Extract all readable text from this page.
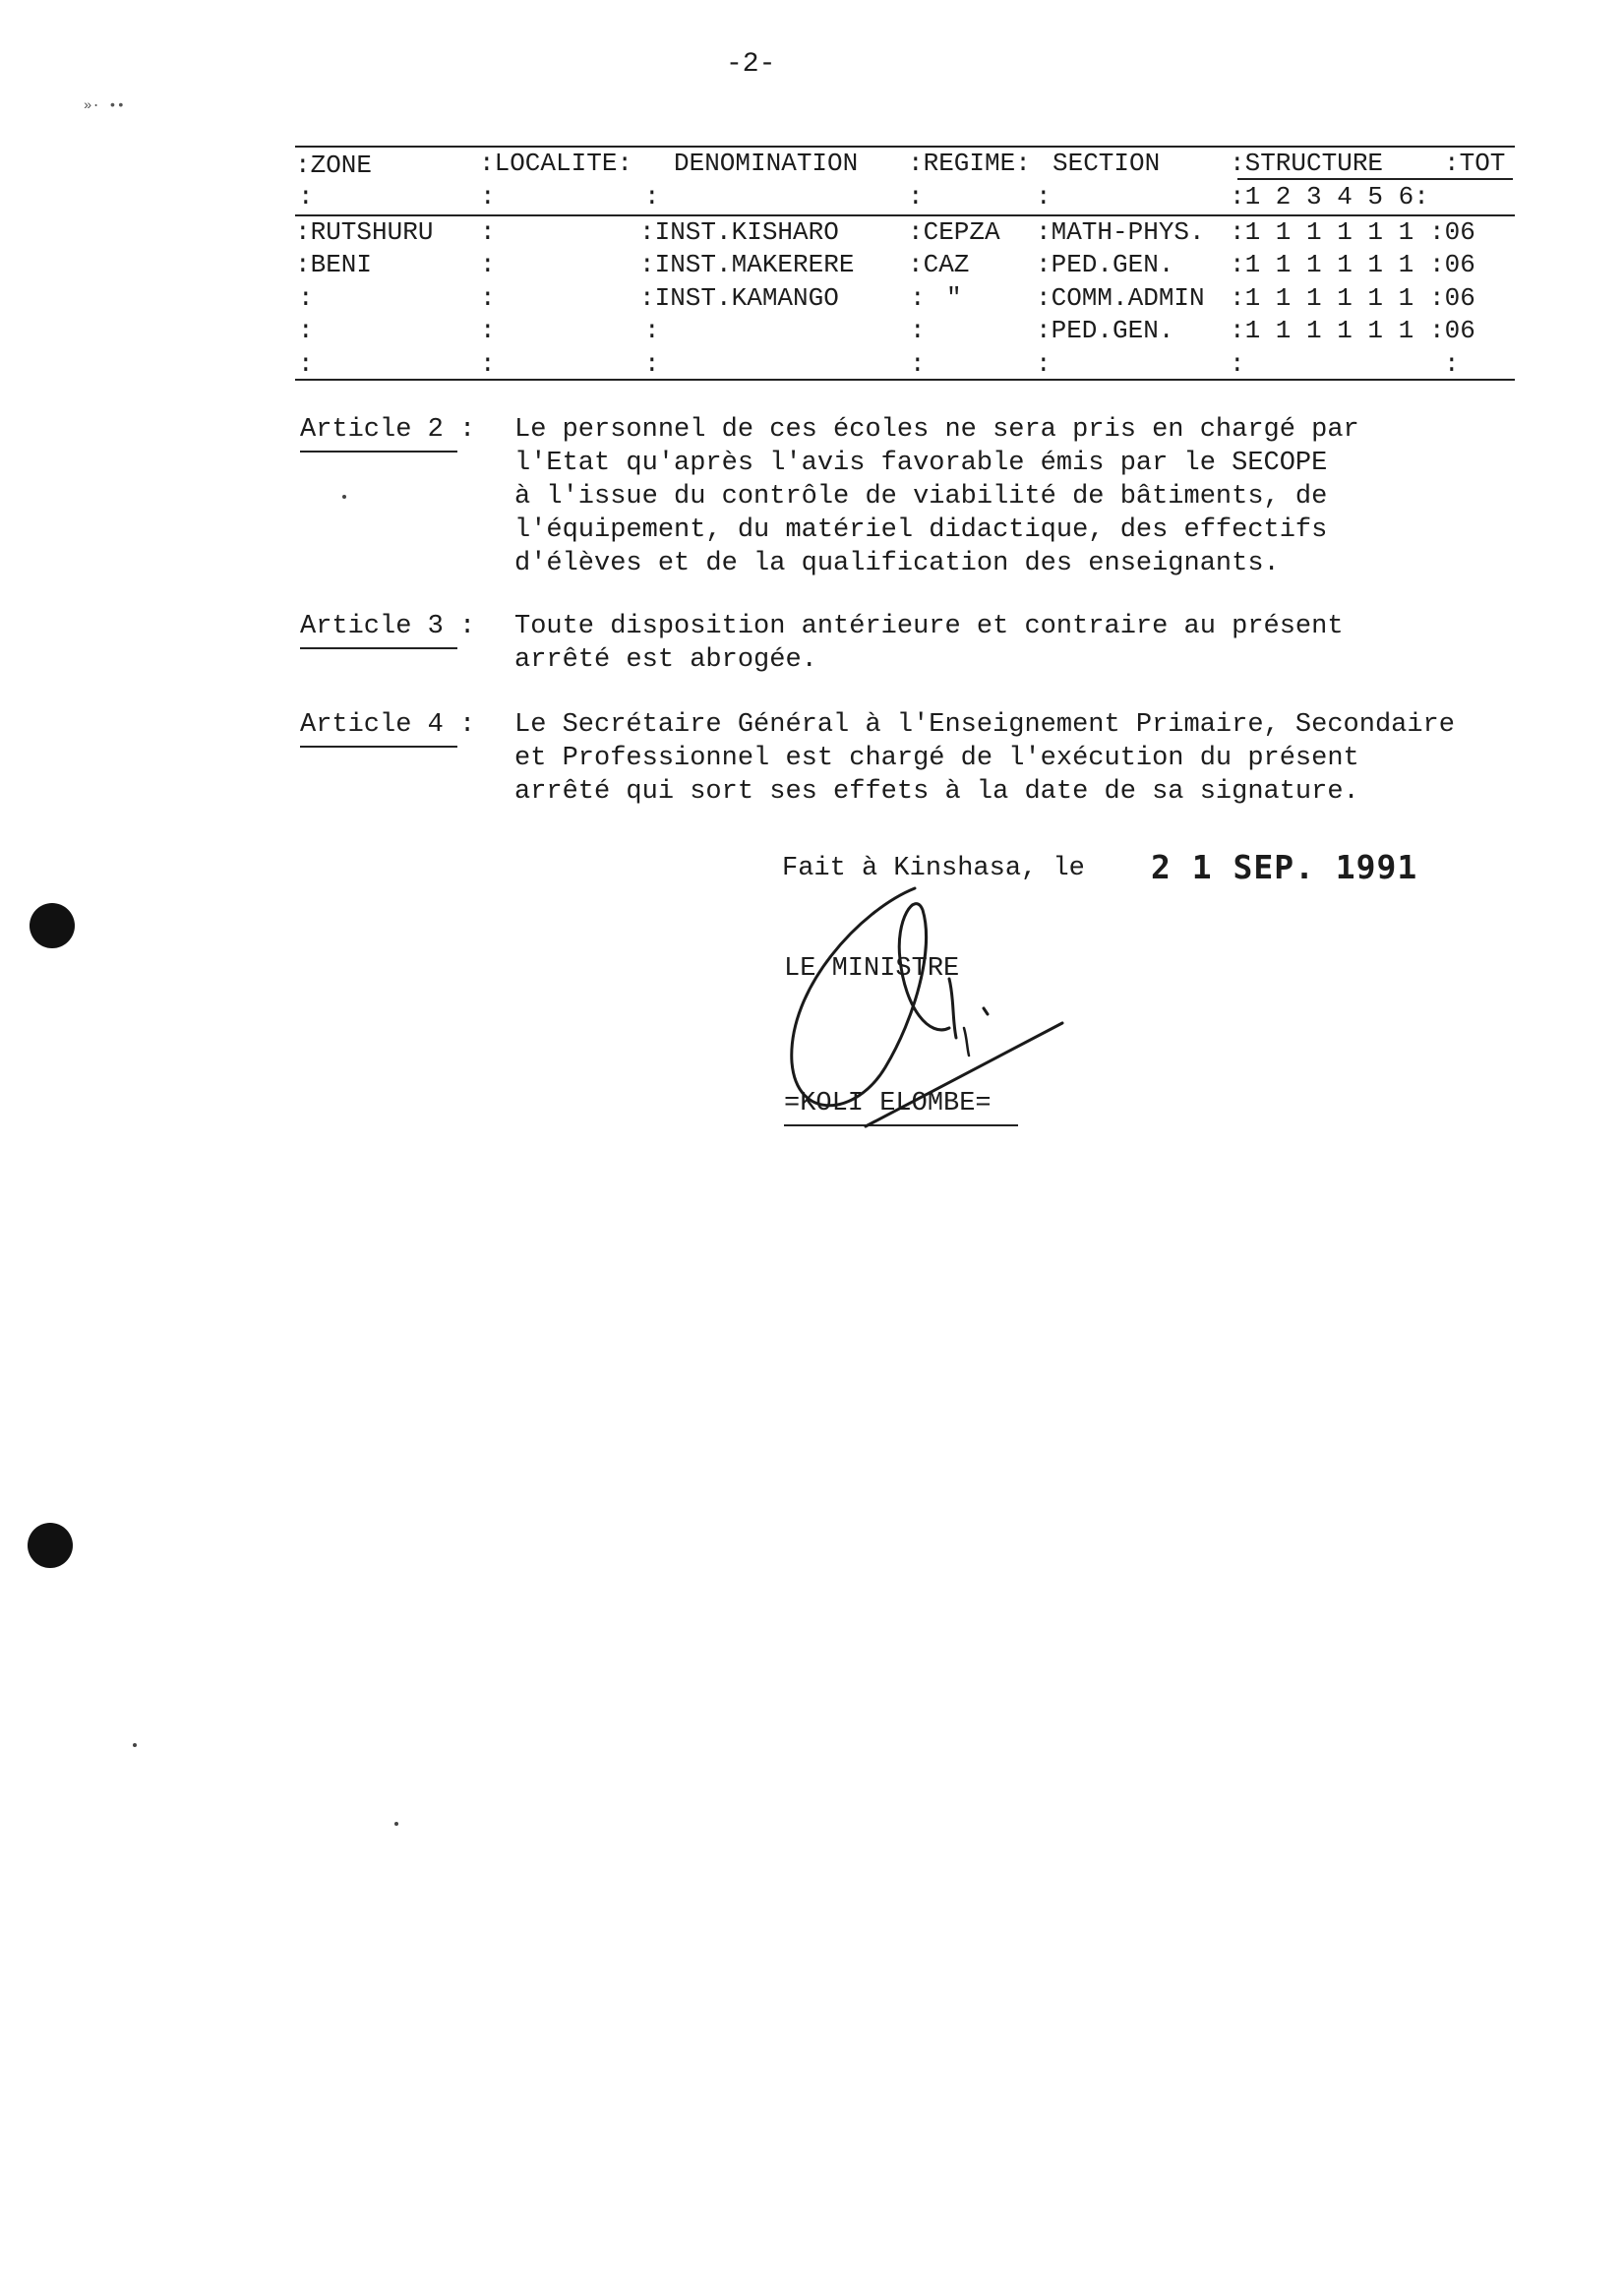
-2-
»· ••
:ZONE	:LOCALITE: DENOMINATION :REGIME: SECTION	:STRUCTURE :TOT
:	:	:	:	:	:1 2 3 4 5 6:
:RUTSHURU :	:INST.KISHARO	:CEPZA :MATH-PHYS. :1 1 1 1 1 1 :06
:BENI	:	:INST.MAKERERE :CAZ	:PED.GEN. :1 1 1 1 1 1 :06
:	:	:INST.KAMANGO	: "	:COMM.ADMIN :1 1 1 1 1 1 :06
:	:	:	:	:PED.GEN. :1 1 1 1 1 1 :06
:	:	:	:	:	:	:
Article 2 : Le personnel de ces écoles ne sera pris en chargé par
l'Etat qu'après l'avis favorable émis par le SECOPE
à l'issue du contrôle de viabilité de bâtiments, de
l'équipement, du matériel didactique, des effectifs
d'élèves et de la qualification des enseignants.
Article 3 : Toute disposition antérieure et contraire au présent
arrêté est abrogée.
Article 4 : Le Secrétaire Général à l'Enseignement Primaire, Secondaire
et Professionnel est chargé de l'exécution du présent
arrêté qui sort ses effets à la date de sa signature.
Fait à Kinshasa, le 2 1 SEP. 1991
LE MINISTRE
=KOLI ELOMBE=
